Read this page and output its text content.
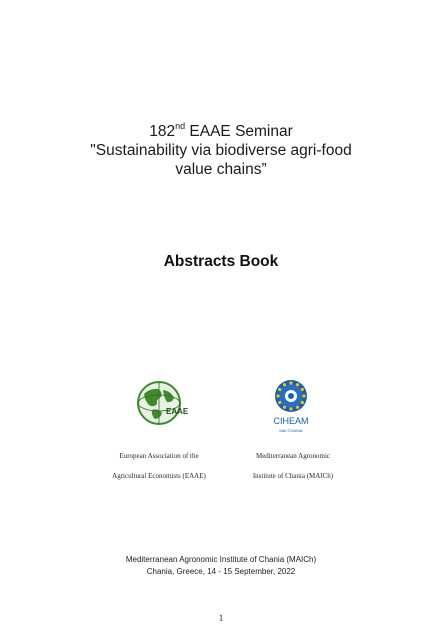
182nd EAAE Seminar
"Sustainability via biodiverse agri-food
value chains”
Abstracts Book
EAAE
CIHEAM
MAI CHANIA
European Association of the
Agricultural Economists (EAAE)
Mediterranean Agronomic
Institute of Chania (MAICh)
Mediterranean Agronomic Institute of Chania (MAICh)
Chania, Greece, 14 - 15 September, 2022
1
